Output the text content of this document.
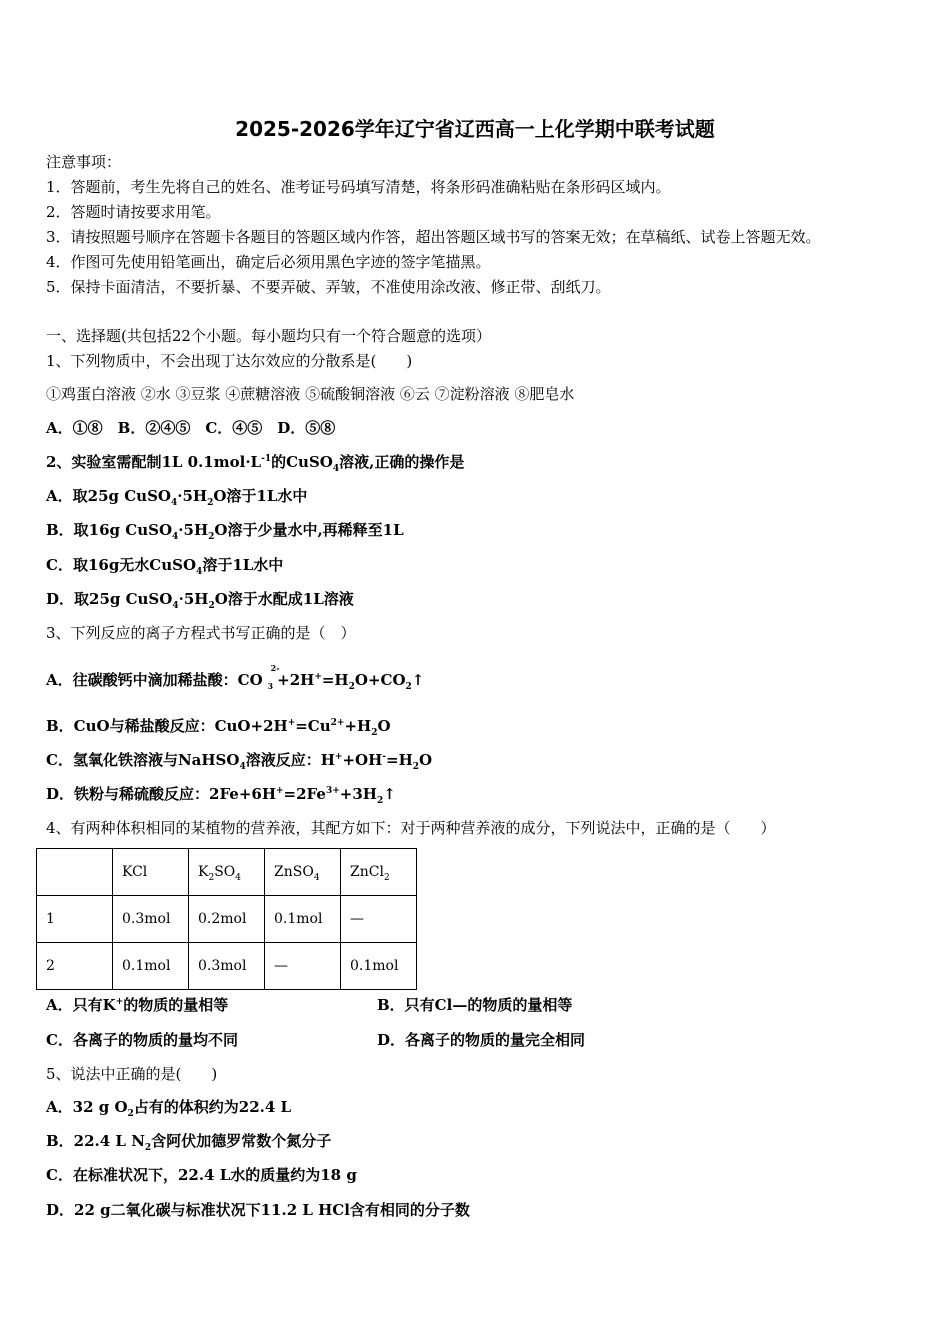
2025-2026学年辽宁省辽西高一上化学期中联考试题
注意事项：
1．答题前，考生先将自己的姓名、准考证号码填写清楚，将条形码准确粘贴在条形码区域内。
2．答题时请按要求用笔。
3．请按照题号顺序在答题卡各题目的答题区域内作答，超出答题区域书写的答案无效；在草稿纸、试卷上答题无效。
4．作图可先使用铅笔画出，确定后必须用黑色字迹的签字笔描黑。
5．保持卡面清洁，不要折暴、不要弄破、弄皱，不准使用涂改液、修正带、刮纸刀。
一、选择题(共包括22个小题。每小题均只有一个符合题意的选项）
1、下列物质中，不会出现丁达尔效应的分散系是(　　)
①鸡蛋白溶液 ②水 ③豆浆 ④蔗糖溶液 ⑤硫酸铜溶液 ⑥云 ⑦淀粉溶液 ⑧肥皂水
A．①⑧　B．②④⑤　C．④⑤　D．⑤⑧
2、实验室需配制1L $0.1mol\cdot L^{-1}$的CuSO$_4$溶液,正确的操作是
A．取25g $CuSO_4\cdot 5H_2O$溶于1L水中
B．取16g $CuSO_4\cdot 5H_2O$溶于少量水中,再稀释至1L
C．取16g无水CuSO$_4$溶于1L水中
D．取25g $CuSO_4\cdot 5H_2O$溶于水配成1L溶液
3、下列反应的离子方程式书写正确的是（　）
A．往碳酸钙中滴加稀盐酸：$CO^{2-}_3$ $+2H^+=H_2O+CO_2↑$
B．CuO与稀盐酸反应：$CuO+2H^+=Cu^{2+}+H_2O$
C．氢氧化铁溶液与NaHSO$_4$溶液反应：$H^++OH^-=H_2O$
D．铁粉与稀硫酸反应：$2Fe+6H^+=2Fe^{3+}+3H_2↑$
4、有两种体积相同的某植物的营养液，其配方如下：对于两种营养液的成分，下列说法中，正确的是（　　）
	KCl	$K_2SO_4$	ZnSO$_4$	ZnCl$_2$
1	0.3mol	0.2mol	0.1mol	—
2	0.1mol	0.3mol	—	0.1mol
A．只有K+的物质的量相等	B．只有Cl—的物质的量相等
C．各离子的物质的量均不同	D．各离子的物质的量完全相同
5、说法中正确的是(　　)
A．32 g $O_2$占有的体积约为22.4 L
B．22.4 L $N_2$含阿伏加德罗常数个氮分子
C．在标准状况下，22.4 L水的质量约为18 g
D．22 g二氧化碳与标准状况下11.2 L HCl含有相同的分子数
